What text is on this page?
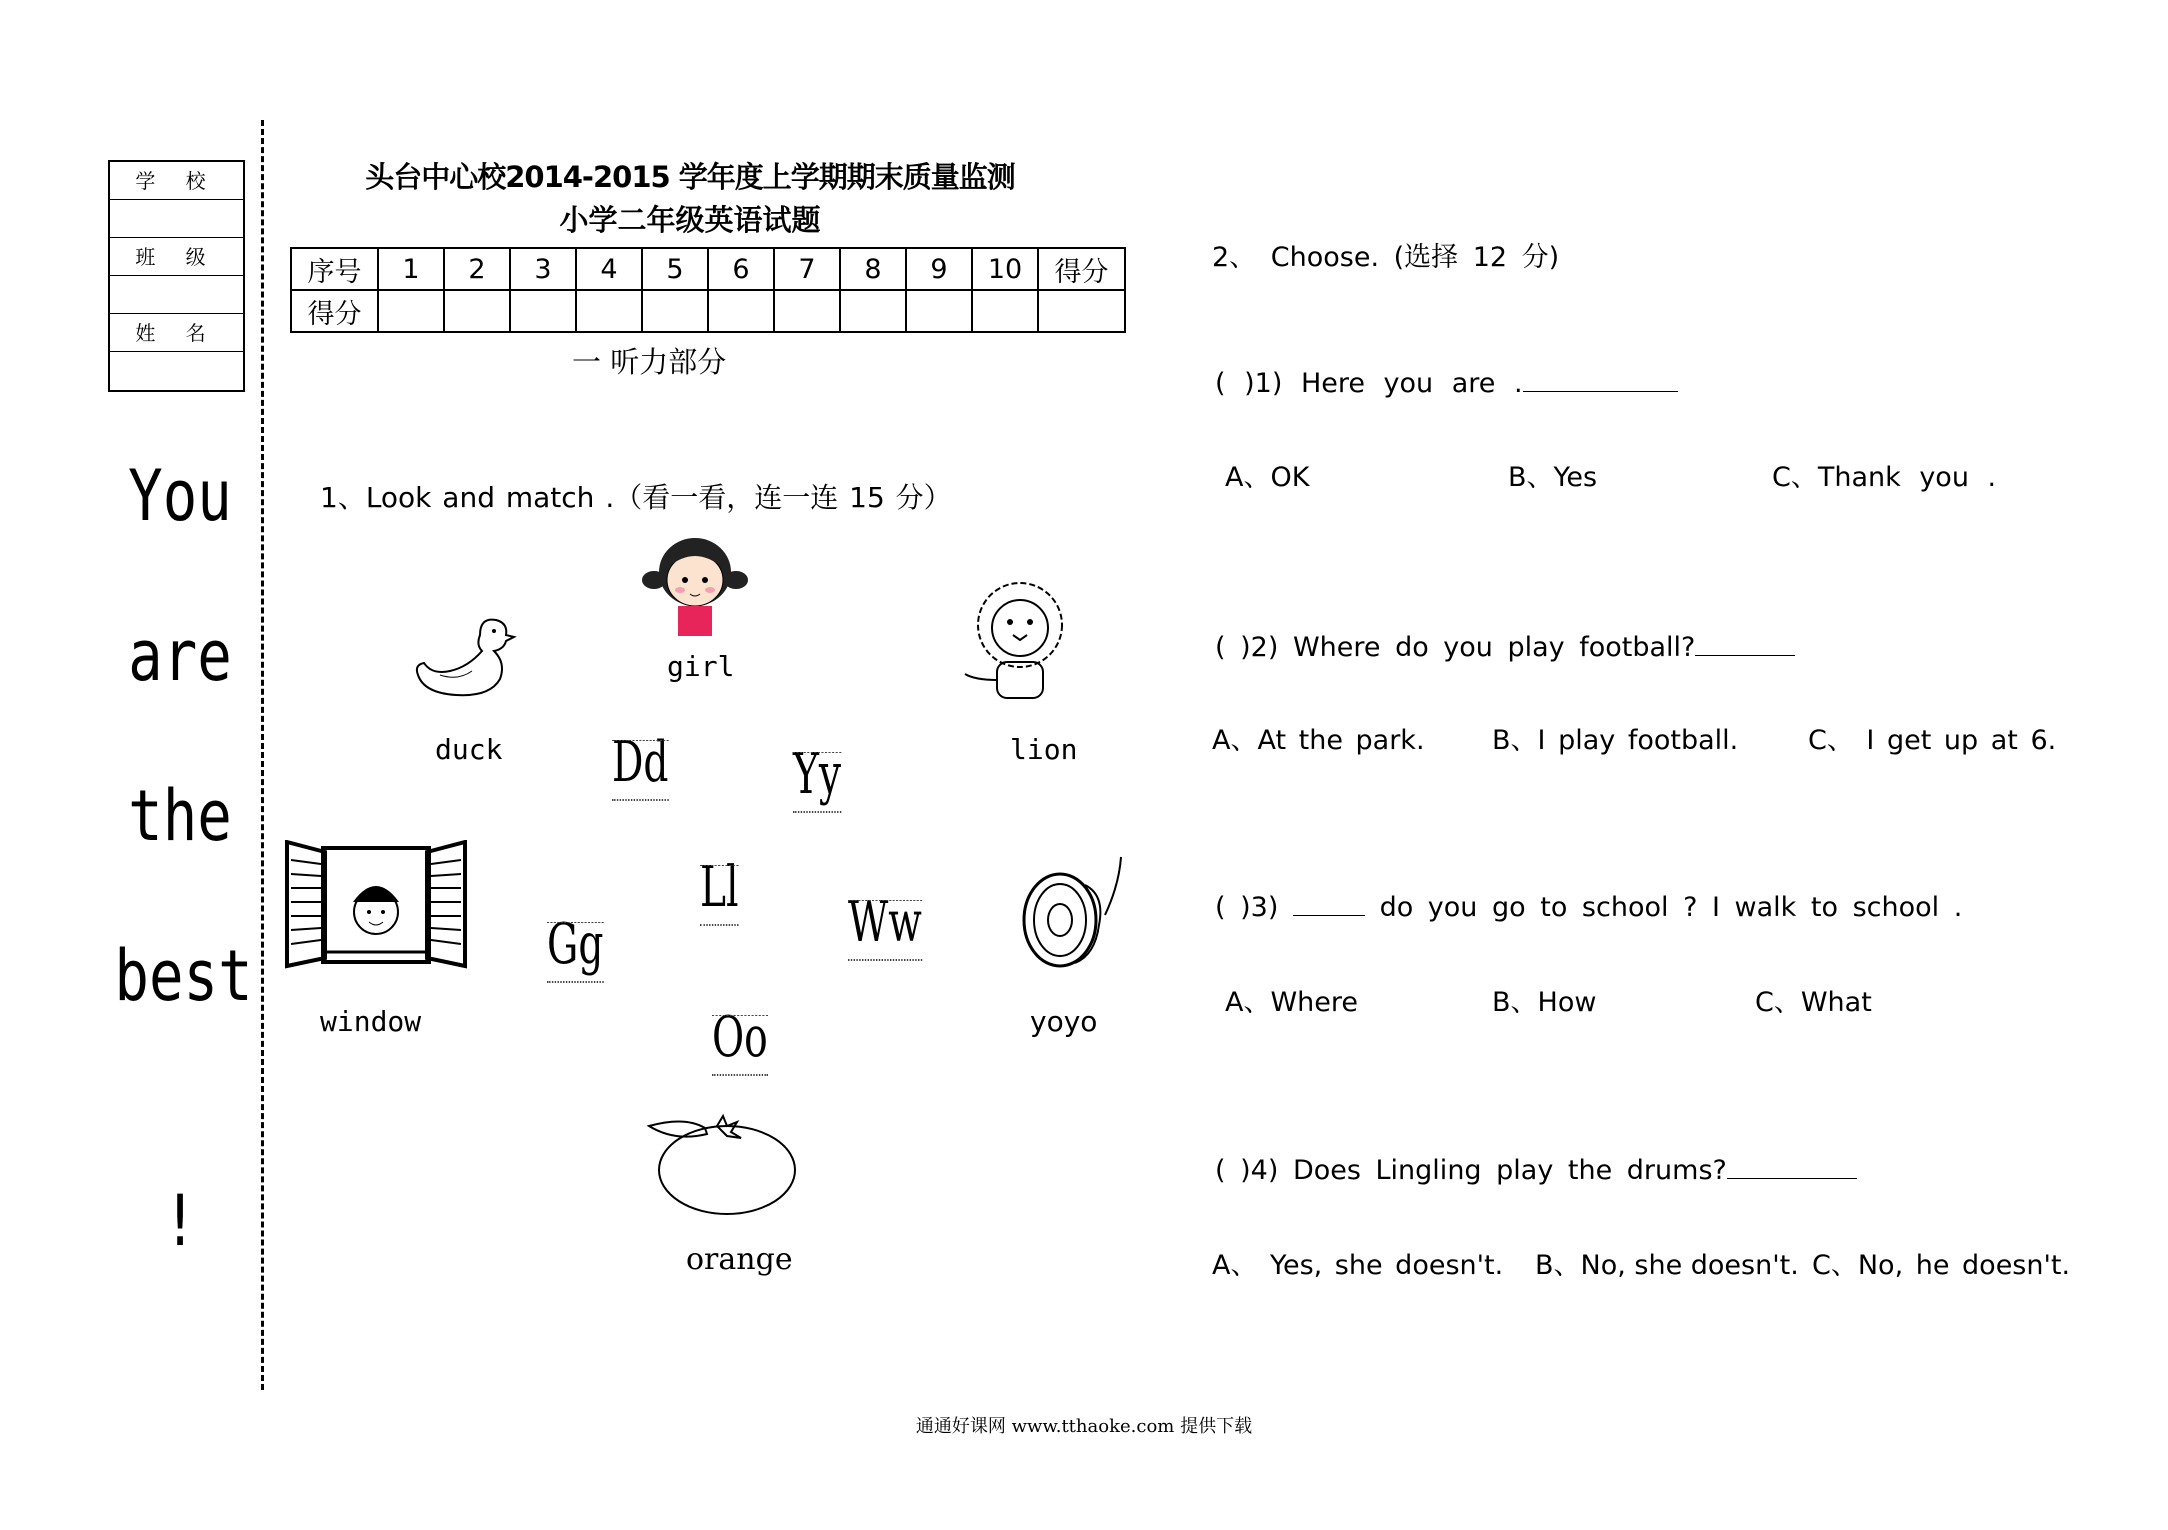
学 校
班 级
姓 名
You
are
the
best
!
头台中心校2014-2015 学年度上学期期末质量监测
小学二年级英语试题
序号	1	2	3	4	5	6	7	8	9	10	得分
得分											
一 听力部分
1、Look and match .（看一看，连一连 15 分）
girl
duck	lion
window	yoyo
orange
Dd Yy
Ll
Ww
Gg
Oo
2、 Choose. (选择 12 分)
( )1) Here you are .
A、OK	B、Yes	C、Thank you .
( )2) Where do you play football?
A、At the park. B、I play football.	C、 I get up at 6.
( )3)	do you go to school ? I walk to school .
A、Where	B、How	C、What
( )4) Does Lingling play the drums?
A、 Yes, she doesn't. B、No, she doesn't. C、No, he doesn't.
通通好课网 www.tthaoke.com 提供下载
